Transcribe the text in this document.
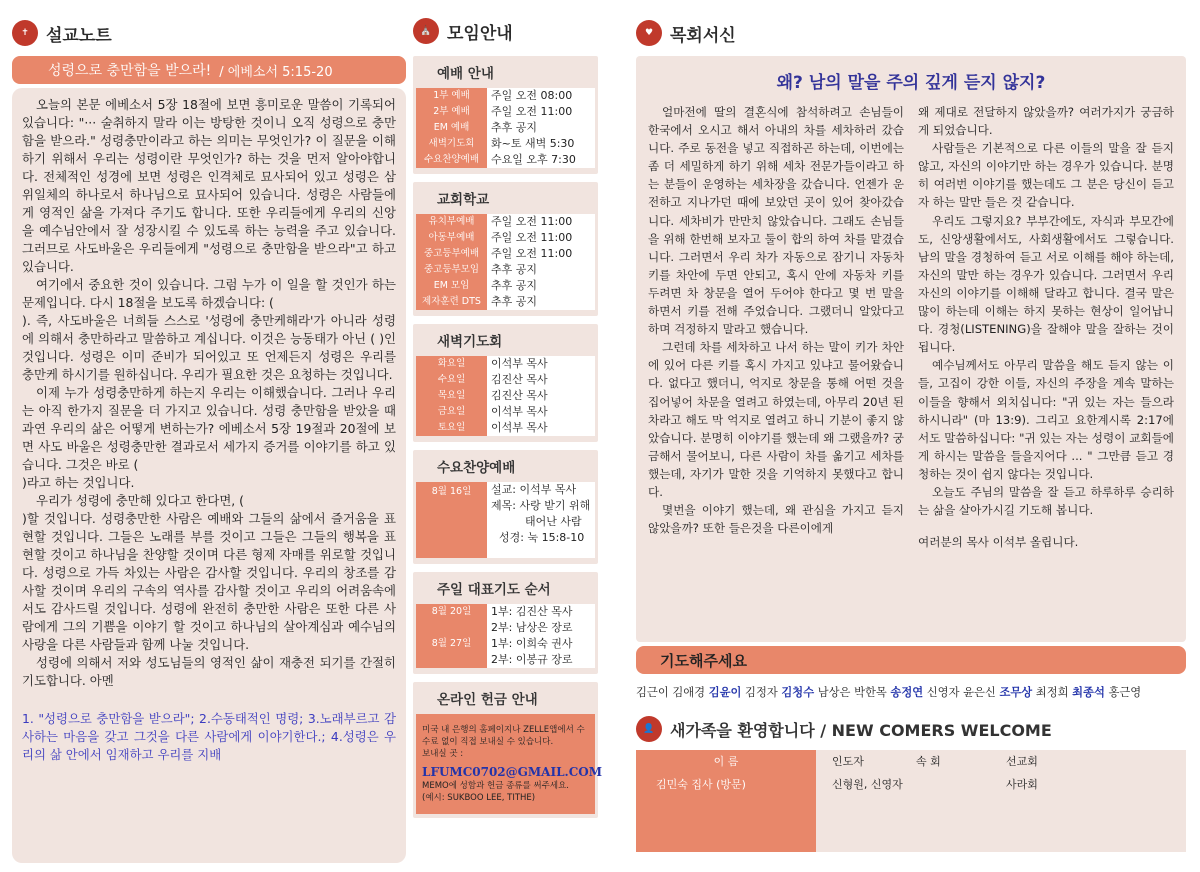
✝	설교노트
성령으로 충만함을 받으라! / 에베소서 5:15-20

오늘의 본문 에베소서 5장 18절에 보면 흥미로운 말씀이 기록되어 있습니다: "··· 술취하지 말라 이는 방탕한 것이니 오직 성령으로 충만함을 받으라." 성령충만이라고 하는 의미는 무엇인가? 이 질문을 이해하기 위해서 우리는 성령이란 무엇인가? 하는 것을 먼저 알아야합니다. 전체적인 성경에 보면 성령은 인격체로 묘사되어 있고 성령은 삼위일체의 하나로서 하나님으로 묘사되어 있습니다. 성령은 사람들에게 영적인 삶을 가져다 주기도 합니다. 또한 우리들에게 우리의 신앙을 예수님안에서 잘 성장시킬 수 있도록 하는 능력을 주고 있습니다. 그러므로 사도바울은 우리들에게 "성령으로 충만함을 받으라"고 하고 있습니다.

여기에서 중요한 것이 있습니다. 그럼 누가 이 일을 할 것인가 하는 문제입니다. 다시 18절을 보도록 하겠습니다: (
). 즉, 사도바울은 너희들 스스로 '성령에 충만케해라'가 아니라 성령에 의해서 충만하라고 말씀하고 계십니다. 이것은 능동태가 아닌 ( )인 것입니다. 성령은 이미 준비가 되어있고 또 언제든지 성령은 우리를 충만케 하시기를 원하십니다. 우리가 필요한 것은 요청하는 것입니다.

이제 누가 성령충만하게 하는지 우리는 이해했습니다. 그러나 우리는 아직 한가지 질문을 더 가지고 있습니다. 성령 충만함을 받았을 때 과연 우리의 삶은 어떻게 변하는가? 에베소서 5장 19절과 20절에 보면 사도 바울은 성령충만한 결과로서 세가지 증거를 이야기를 하고 있습니다. 그것은 바로 (
)라고 하는 것입니다.

우리가 성령에 충만해 있다고 한다면, (
)할 것입니다. 성령충만한 사람은 예배와 그들의 삶에서 즐거움을 표현할 것입니다. 그들은 노래를 부를 것이고 그들은 그들의 행복을 표현할 것이고 하나님을 찬양할 것이며 다른 형제 자매를 위로할 것입니다. 성령으로 가득 차있는 사람은 감사할 것입니다. 우리의 창조를 감사할 것이며 우리의 구속의 역사를 감사할 것이고 우리의 어려움속에서도 감사드릴 것입니다. 성령에 완전히 충만한 사람은 또한 다른 사람에게 그의 기쁨을 이야기 할 것이고 하나님의 살아계심과 예수님의 사랑을 다른 사람들과 함께 나눌 것입니다.

성령에 의해서 저와 성도님들의 영적인 삶이 재충전 되기를 간절히 기도합니다. 아멘

1. "성령으로 충만함을 받으라"; 2.수동태적인 명령; 3.노래부르고 감사하는 마음을 갖고 그것을 다른 사람에게 이야기한다.; 4.성령은 우리의 삶 안에서 임재하고 우리를 지배

⛪ 모임안내
예배 안내
1부 예배	주일 오전 08:00
2부 예배	주일 오전 11:00
EM 예배	추후 공지
새벽기도회	화~토 새벽 5:30
수요찬양예배	수요일 오후 7:30
교회학교
유치부예배	주일 오전 11:00
아동부예배	주일 오전 11:00
중고등부예배	주일 오전 11:00
중고등부모임	추후 공지
EM 모임	추후 공지
제자훈련 DTS 추후 공지
새벽기도회
화요일	이석부 목사
수요일	김진산 목사
목요일	김진산 목사
금요일	이석부 목사
토요일	이석부 목사
수요찬양예배
8월 16일	설교: 이석부 목사
제목: 사랑 받기 위해
태어난 사람
성경: 눅 15:8-10
주일 대표기도 순서
8월 20일	1부: 김진산 목사
2부: 남상은 장로
8월 27일	1부: 이희숙 권사
2부: 이봉규 장로
온라인 헌금 안내
미국 내 은행의 홈페이지나 ZELLE앱에서 수수료 없이 직접 보내실 수 있습니다.
보내실 곳 :
LFUMC0702@GMAIL.COM
MEMO에 성함과 헌금 종류를 써주세요.
(예시: SUKBOO LEE, TITHE)
♥ 목회서신
왜? 남의 말을 주의 깊게 듣지 않지?

얼마전에 딸의 결혼식에 참석하려고 손님들이 한국에서 오시고 해서 아내의 차를 세차하러 갔습니다. 주로 동전을 넣고 직접하곤 하는데, 이번에는 좀 더 세밀하게 하기 위해 세차 전문가들이라고 하는 분들이 운영하는 세차장을 갔습니다. 언젠가 운전하고 지나가던 때에 보았던 곳이 있어 찾아갔습니다. 세차비가 만만치 않았습니다. 그래도 손님들을 위해 한번해 보자고 둘이 합의 하여 차를 맡겼습니다. 그러면서 우리 차가 자동으로 잠기니 자동차 키를 차안에 두면 안되고, 혹시 안에 자동차 키를 두려면 차 창문을 열어 두어야 한다고 몇 번 말을 하면서 키를 전해 주었습니다. 그랬더니 알았다고 하며 걱정하지 말라고 했습니다.

그런데 차를 세차하고 나서 하는 말이 키가 차안에 있어 다른 키를 혹시 가지고 있냐고 물어왔습니다. 없다고 했더니, 억지로 창문을 통해 어떤 것을 집어넣어 차문을 열려고 하였는데, 아무리 20년 된 차라고 해도 막 억지로 열려고 하니 기분이 좋지 않았습니다. 분명히 이야기를 했는데 왜 그랬을까? 궁금해서 물어보니, 다른 사람이 차를 옮기고 세차를 했는데, 자기가 말한 것을 기억하지 못했다고 합니다.

몇번을 이야기 했는데, 왜 관심을 가지고 듣지 않았을까? 또한 들은것을 다른이에게

왜 제대로 전달하지 않았을까? 여러가지가 궁금하게 되었습니다.

사람들은 기본적으로 다른 이들의 말을 잘 듣지 않고, 자신의 이야기만 하는 경우가 있습니다. 분명히 여러번 이야기를 했는데도 그 분은 당신이 듣고자 하는 말만 들은 것 같습니다.

우리도 그렇지요? 부부간에도, 자식과 부모간에도, 신앙생활에서도, 사회생활에서도 그렇습니다. 남의 말을 경청하여 듣고 서로 이해를 해야 하는데, 자신의 말만 하는 경우가 있습니다. 그러면서 우리 자신의 이야기를 이해해 달라고 합니다. 결국 말은 많이 하는데 이해는 하지 못하는 현상이 일어납니다. 경청(LISTENING)을 잘해야 말을 잘하는 것이 됩니다.

예수님께서도 아무리 말씀을 해도 듣지 않는 이들, 고집이 강한 이들, 자신의 주장을 계속 말하는 이들을 향해서 외치십니다: "귀 있는 자는 들으라 하시니라" (마 13:9). 그리고 요한계시록 2:17에서도 말씀하십니다: "귀 있는 자는 성령이 교회들에게 하시는 말씀을 들을지어다 ... " 그만큼 듣고 경청하는 것이 쉽지 않다는 것입니다.

오늘도 주님의 말씀을 잘 듣고 하루하루 승리하는 삶을 살아가시길 기도해 봅니다.

여러분의 목사 이석부 올립니다.

기도해주세요
김근이 김애경 김윤이 김정자 김청수 남상은 박한목 송정연 신영자 윤은신 조무상 최정희 최종석 홍근영
👤 새가족을 환영합니다 / NEW COMERS WELCOME
이 름	인도자	속 회	선교회
김민숙 집사 (방문)	신형원, 신영자		사라회
